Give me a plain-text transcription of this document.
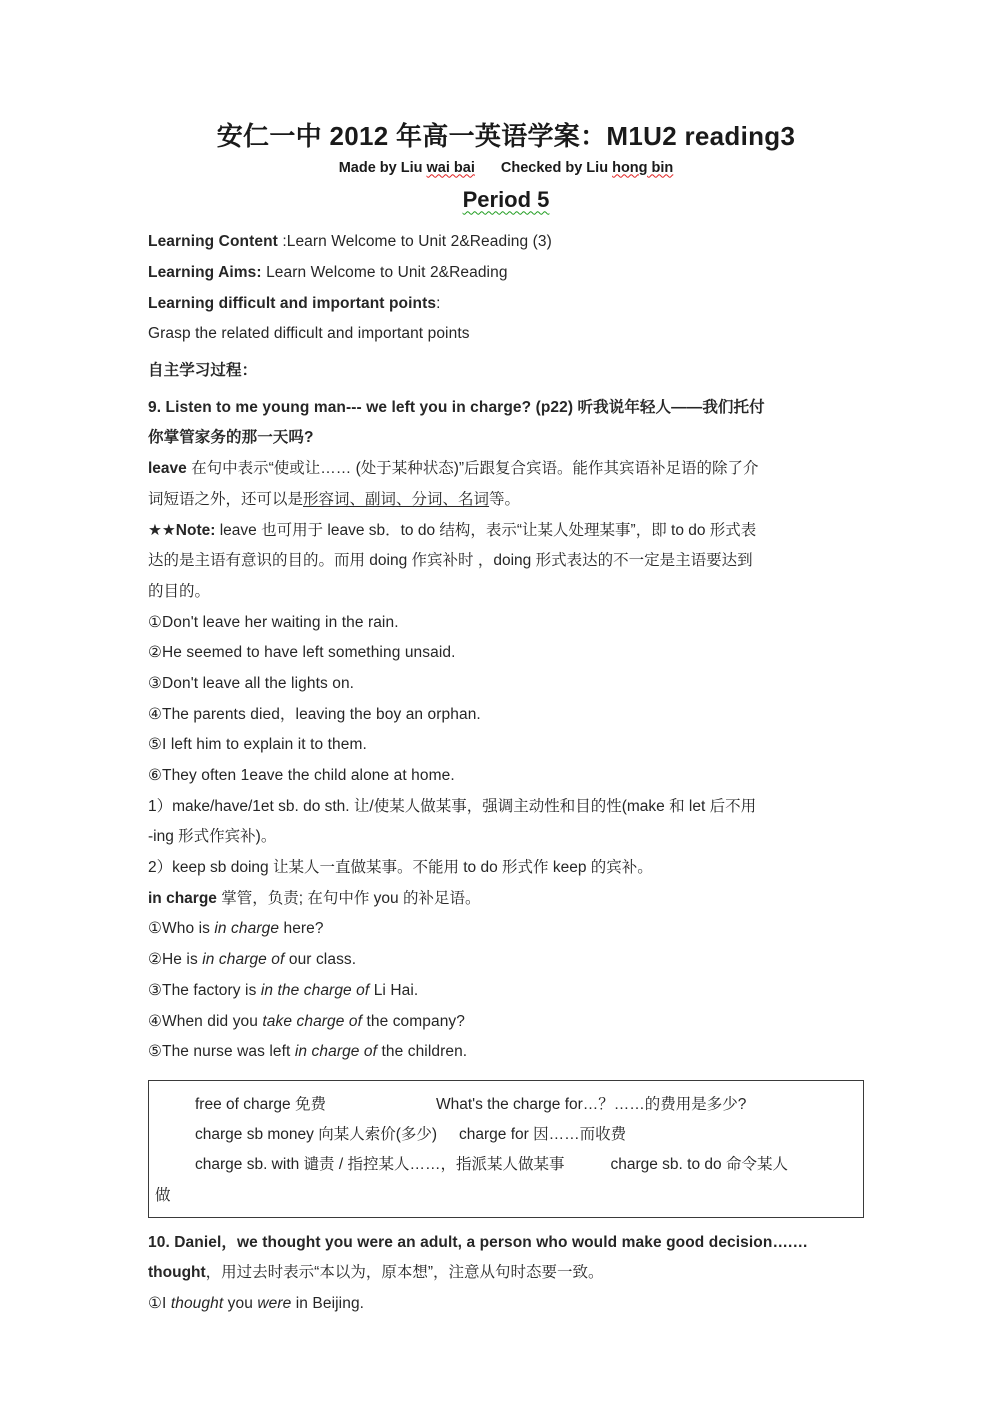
安仁一中 2012 年高一英语学案：M1U2 reading3
Made by Liu wai bai Checked by Liu hong bin
Period 5
Learning Content :Learn Welcome to Unit 2&Reading (3)
Learning Aims: Learn Welcome to Unit 2&Reading
Learning difficult and important points:
Grasp the related difficult and important points
自主学习过程：
9. Listen to me young man--- we left you in charge? (p22) 听我说年轻人——我们托付
你掌管家务的那一天吗?
leave 在句中表示“使或让…… (处于某种状态)”后跟复合宾语。能作其宾语补足语的除了介
词短语之外，还可以是形容词、副词、分词、名词等。
★★Note: leave 也可用于 leave sb．to do 结构，表示“让某人处理某事”，即 to do 形式表
达的是主语有意识的目的。而用 doing 作宾补时 ，doing 形式表达的不一定是主语要达到
的目的。
①Don't leave her waiting in the rain.
②He seemed to have left something unsaid.
③Don't leave all the lights on.
④The parents died，leaving the boy an orphan.
⑤I left him to explain it to them.
⑥They often 1eave the child alone at home.
1）make/have/1et sb. do sth. 让/使某人做某事，强调主动性和目的性(make 和 let 后不用
-ing 形式作宾补)。
2）keep sb doing 让某人一直做某事。不能用 to do 形式作 keep 的宾补。
in charge 掌管，负责; 在句中作 you 的补足语。
①Who is in charge here?
②He is in charge of our class.
③The factory is in the charge of Li Hai.
④When did you take charge of the company?
⑤The nurse was left in charge of the children.
free of charge 免费	What's the charge for…？……的费用是多少?
charge sb money 向某人索价(多少) charge for 因……而收费
charge sb. with 谴责 / 指控某人……，指派某人做某事	charge sb. to do 命令某人
做
10. Daniel，we thought you were an adult, a person who would make good decision….…
thought，用过去时表示“本以为，原本想”，注意从句时态要一致。
①I thought you were in Beijing.
